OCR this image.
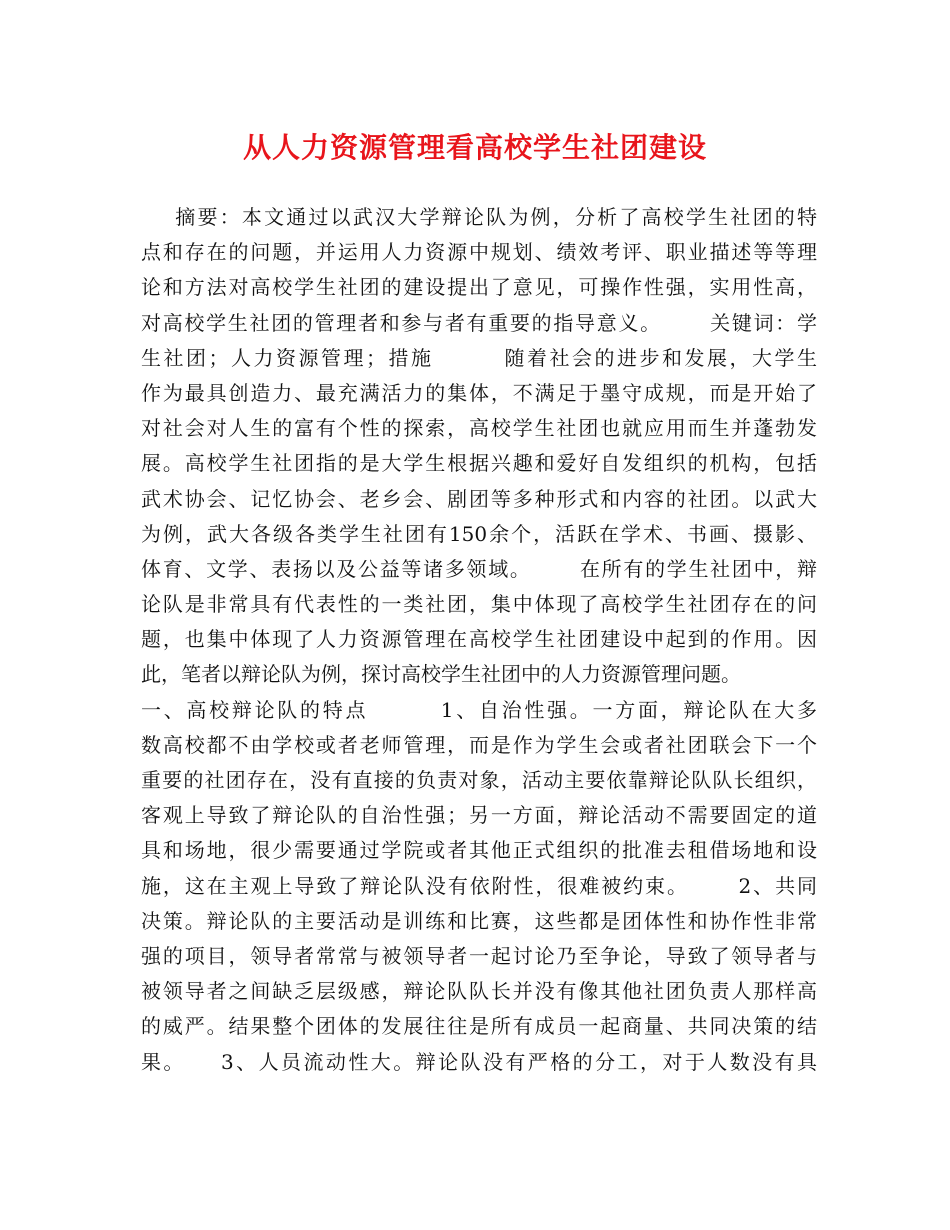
从人力资源管理看高校学生社团建设
摘要：本文通过以武汉大学辩论队为例，分析了高校学生社团的特
点和存在的问题，并运用人力资源中规划、绩效考评、职业描述等等理
论和方法对高校学生社团的建设提出了意见，可操作性强，实用性高，
对高校学生社团的管理者和参与者有重要的指导意义。      关键词：学
生社团；人力资源管理；措施        随着社会的进步和发展，大学生
作为最具创造力、最充满活力的集体，不满足于墨守成规，而是开始了
对社会对人生的富有个性的探索，高校学生社团也就应用而生并蓬勃发
展。高校学生社团指的是大学生根据兴趣和爱好自发组织的机构，包括
武术协会、记忆协会、老乡会、剧团等多种形式和内容的社团。以武大
为例，武大各级各类学生社团有150余个，活跃在学术、书画、摄影、
体育、文学、表扬以及公益等诸多领域。      在所有的学生社团中，辩
论队是非常具有代表性的一类社团，集中体现了高校学生社团存在的问
题，也集中体现了人力资源管理在高校学生社团建设中起到的作用。因
此，笔者以辩论队为例，探讨高校学生社团中的人力资源管理问题。
一、高校辩论队的特点        1、自治性强。一方面，辩论队在大多
数高校都不由学校或者老师管理，而是作为学生会或者社团联会下一个
重要的社团存在，没有直接的负责对象，活动主要依靠辩论队队长组织，
客观上导致了辩论队的自治性强；另一方面，辩论活动不需要固定的道
具和场地，很少需要通过学院或者其他正式组织的批准去租借场地和设
施，这在主观上导致了辩论队没有依附性，很难被约束。      2、共同
决策。辩论队的主要活动是训练和比赛，这些都是团体性和协作性非常
强的项目，领导者常常与被领导者一起讨论乃至争论，导致了领导者与
被领导者之间缺乏层级感，辩论队队长并没有像其他社团负责人那样高
的威严。结果整个团体的发展往往是所有成员一起商量、共同决策的结
果。    3、人员流动性大。辩论队没有严格的分工，对于人数没有具
